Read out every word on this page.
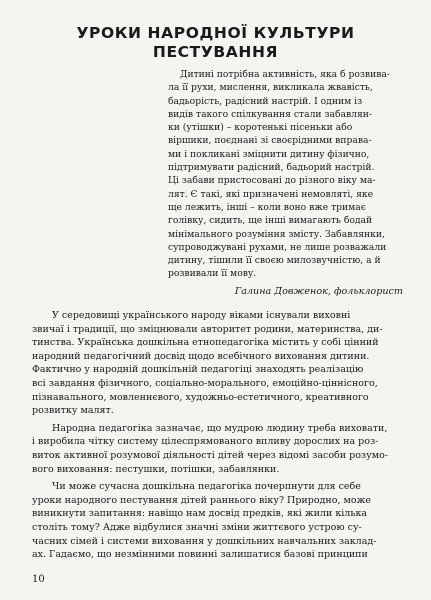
УРОКИ НАРОДНОЇ КУЛЬТУРИ
ПЕСТУВАННЯ
Дитині потрібна активність, яка б розвива-
ла її рухи, мислення, викликала жвавість,
бадьорість, радісний настрій. І одним із
видів такого спілкування стали забавлян-
ки (утішки) – коротенькі пісеньки або
віршики, поєднані зі своєрідними вправа-
ми і покликані зміцнити дитину фізично,
підтримувати радісний, бадьорий настрій.
Ці забави пристосовані до різного віку ма-
лят. Є такі, які призначені немовляті, яке
ще лежить, інші – коли воно вже тримає
голівку, сидить, ще інші вимагають бодай
мінімального розуміння змісту. Забавлянки,
супроводжувані рухами, не лише розважали
дитину, тішили її своєю милозвучністю, а й
розвивали її мову.
Галина Довженок, фольклорист
У середовищі українського народу віками існували виховні
звичаї і традиції, що зміцнювали авторитет родини, материнства, ди-
тинства. Українська дошкільна етнопедагогіка містить у собі цінний
народний педагогічний досвід щодо всебічного виховання дитини.
Фактично у народній дошкільній педагогіці знаходять реалізацію
всі завдання фізичного, соціально-морального, емоційно-ціннісного,
пізнавального, мовленнєвого, художньо-естетичного, креативного
розвитку малят.
Народна педагогіка зазначає, що мудрою людину треба виховати,
і виробила чітку систему цілеспрямованого впливу дорослих на роз-
виток активної розумової діяльності дітей через відомі засоби розумо-
вого виховання: пестушки, потішки, забавлянки.
Чи може сучасна дошкільна педагогіка почерпнути для себе
уроки народного пестування дітей раннього віку? Природно, може
виникнути запитання: навіщо нам досвід предків, які жили кілька
століть тому? Адже відбулися значні зміни життєвого устрою су-
часних сімей і системи виховання у дошкільних навчальних заклад-
ах. Гадаємо, що незмінними повинні залишатися базові принципи
10
